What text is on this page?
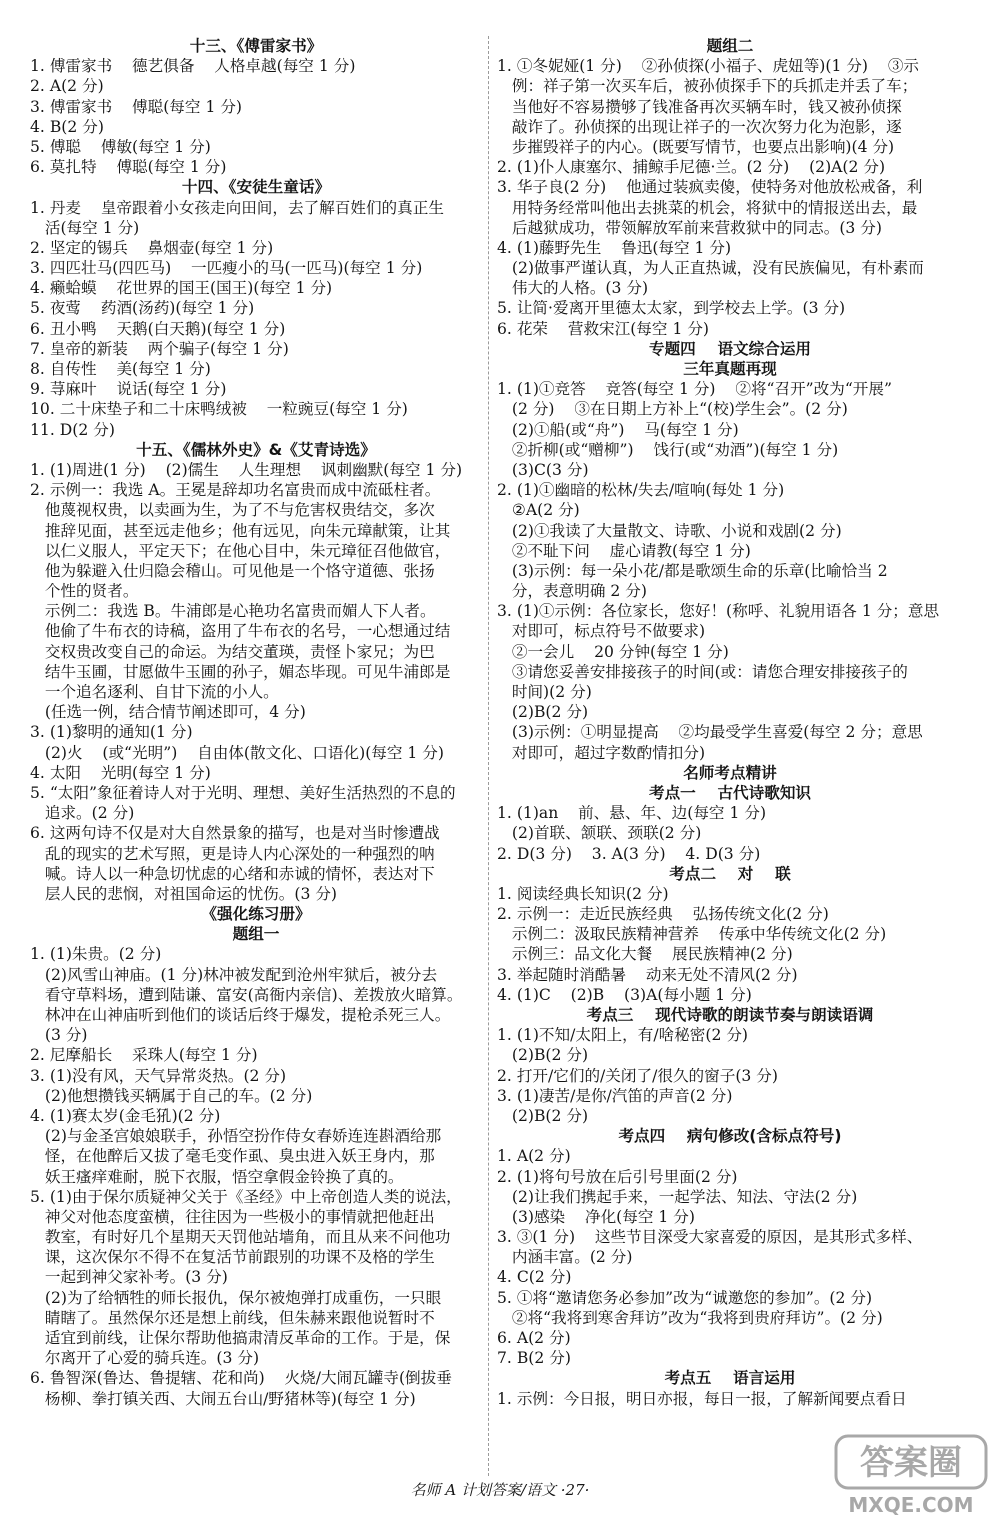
十三、《傅雷家书》
1. 傅雷家书    德艺俱备    人格卓越(每空 1 分)
2. A(2 分)
3. 傅雷家书    傅聪(每空 1 分)
4. B(2 分)
5. 傅聪    傅敏(每空 1 分)
6. 莫扎特    傅聪(每空 1 分)
十四、《安徒生童话》
1. 丹麦    皇帝跟着小女孩走向田间，去了解百姓们的真正生
活(每空 1 分)
2. 坚定的锡兵    鼻烟壶(每空 1 分)
3. 四匹壮马(四匹马)    一匹瘦小的马(一匹马)(每空 1 分)
4. 癞蛤蟆    花世界的国王(国王)(每空 1 分)
5. 夜莺    药酒(汤药)(每空 1 分)
6. 丑小鸭    天鹅(白天鹅)(每空 1 分)
7. 皇帝的新装    两个骗子(每空 1 分)
8. 自传性    美(每空 1 分)
9. 荨麻叶    说话(每空 1 分)
10. 二十床垫子和二十床鸭绒被    一粒豌豆(每空 1 分)
11. D(2 分)
十五、《儒林外史》&《艾青诗选》
1. (1)周进(1 分)    (2)儒生    人生理想    讽刺幽默(每空 1 分)
2. 示例一：我选 A。王冕是辞却功名富贵而成中流砥柱者。
他蔑视权贵，以卖画为生，为了不与危害权贵结交，多次
推辞见面，甚至远走他乡；他有远见，向朱元璋献策，让其
以仁义服人，平定天下；在他心目中，朱元璋征召他做官，
他为躲避入仕归隐会稽山。可见他是一个恪守道德、张扬
个性的贤者。
示例二：我选 B。牛浦郎是心艳功名富贵而媚人下人者。
他偷了牛布衣的诗稿，盗用了牛布衣的名号，一心想通过结
交权贵改变自己的命运。为结交董瑛，责怪卜家兄；为巴
结牛玉圃，甘愿做牛玉圃的孙子，媚态毕现。可见牛浦郎是
一个追名逐利、自甘下流的小人。
(任选一例，结合情节阐述即可，4 分)
3. (1)黎明的通知(1 分)
(2)火    (或“光明”)    自由体(散文化、口语化)(每空 1 分)
4. 太阳    光明(每空 1 分)
5. “太阳”象征着诗人对于光明、理想、美好生活热烈的不息的
追求。(2 分)
6. 这两句诗不仅是对大自然景象的描写，也是对当时惨遭战
乱的现实的艺术写照，更是诗人内心深处的一种强烈的呐
喊。诗人以一种急切忧虑的心绪和赤诚的情怀，表达对下
层人民的悲悯，对祖国命运的忧伤。(3 分)
《强化练习册》
题组一
1. (1)朱贵。(2 分)
(2)风雪山神庙。(1 分)林冲被发配到沧州牢狱后，被分去
看守草料场，遭到陆谦、富安(高衙内亲信)、差拨放火暗算。
林冲在山神庙听到他们的谈话后终于爆发，提枪杀死三人。
(3 分)
2. 尼摩船长    采珠人(每空 1 分)
3. (1)没有风，天气异常炎热。(2 分)
(2)他想攒钱买辆属于自己的车。(2 分)
4. (1)赛太岁(金毛犼)(2 分)
(2)与金圣宫娘娘联手，孙悟空扮作侍女春娇连连斟酒给那
怪，在他醉后又拔了毫毛变作虱、臭虫进入妖王身内，那
妖王瘙痒难耐，脱下衣服，悟空拿假金铃换了真的。
5. (1)由于保尔质疑神父关于《圣经》中上帝创造人类的说法，
神父对他态度蛮横，往往因为一些极小的事情就把他赶出
教室，有时好几个星期天天罚他站墙角，而且从来不问他功
课，这次保尔不得不在复活节前跟别的功课不及格的学生
一起到神父家补考。(3 分)
(2)为了给牺牲的师长报仇，保尔被炮弹打成重伤，一只眼
睛瞎了。虽然保尔还是想上前线，但朱赫来跟他说暂时不
适宜到前线，让保尔帮助他搞肃清反革命的工作。于是，保
尔离开了心爱的骑兵连。(3 分)
6. 鲁智深(鲁达、鲁提辖、花和尚)    火烧/大闹瓦罐寺(倒拔垂
杨柳、拳打镇关西、大闹五台山/野猪林等)(每空 1 分)
题组二
1. ①冬妮娅(1 分)    ②孙侦探(小福子、虎妞等)(1 分)    ③示
例：祥子第一次买车后，被孙侦探手下的兵抓走并丢了车；
当他好不容易攒够了钱准备再次买辆车时，钱又被孙侦探
敲诈了。孙侦探的出现让祥子的一次次努力化为泡影，逐
步摧毁祥子的内心。(既要写情节，也要点出影响)(4 分)
2. (1)仆人康塞尔、捕鲸手尼德·兰。(2 分)    (2)A(2 分)
3. 华子良(2 分)    他通过装疯卖傻，使特务对他放松戒备，利
用特务经常叫他出去挑菜的机会，将狱中的情报送出去，最
后越狱成功，带领解放军前来营救狱中的同志。(3 分)
4. (1)藤野先生    鲁迅(每空 1 分)
(2)做事严谨认真，为人正直热诚，没有民族偏见，有朴素而
伟大的人格。(3 分)
5. 让简·爱离开里德太太家，到学校去上学。(3 分)
6. 花荣    营救宋江(每空 1 分)
专题四    语文综合运用
三年真题再现
1. (1)①竞答    竞答(每空 1 分)    ②将“召开”改为“开展”
(2 分)    ③在日期上方补上“(校)学生会”。(2 分)
(2)①船(或“舟”)    马(每空 1 分)
②折柳(或“赠柳”)    饯行(或“劝酒”)(每空 1 分)
(3)C(3 分)
2. (1)①幽暗的松林/失去/喧响(每处 1 分)
②A(2 分)
(2)①我读了大量散文、诗歌、小说和戏剧(2 分)
②不耻下问    虚心请教(每空 1 分)
(3)示例：每一朵小花/都是歌颂生命的乐章(比喻恰当 2
分，表意明确 2 分)
3. (1)①示例：各位家长，您好！(称呼、礼貌用语各 1 分；意思
对即可，标点符号不做要求)
②一会儿    20 分钟(每空 1 分)
③请您妥善安排接孩子的时间(或：请您合理安排接孩子的
时间)(2 分)
(2)B(2 分)
(3)示例：①明显提高    ②均最受学生喜爱(每空 2 分；意思
对即可，超过字数酌情扣分)
名师考点精讲
考点一    古代诗歌知识
1. (1)an    前、悬、年、边(每空 1 分)
(2)首联、颔联、颈联(2 分)
2. D(3 分)    3. A(3 分)    4. D(3 分)
考点二    对    联
1. 阅读经典长知识(2 分)
2. 示例一：走近民族经典    弘扬传统文化(2 分)
示例二：汲取民族精神营养    传承中华传统文化(2 分)
示例三：品文化大餐    展民族精神(2 分)
3. 举起随时消酷暑    动来无处不清风(2 分)
4. (1)C    (2)B    (3)A(每小题 1 分)
考点三    现代诗歌的朗读节奏与朗读语调
1. (1)不知/太阳上，有/啥秘密(2 分)
(2)B(2 分)
2. 打开/它们的/关闭了/很久的窗子(3 分)
3. (1)凄苦/是你/汽笛的声音(2 分)
(2)B(2 分)
考点四    病句修改(含标点符号)
1. A(2 分)
2. (1)将句号放在后引号里面(2 分)
(2)让我们携起手来，一起学法、知法、守法(2 分)
(3)感染    净化(每空 1 分)
3. ③(1 分)    这些节目深受大家喜爱的原因，是其形式多样、
内涵丰富。(2 分)
4. C(2 分)
5. ①将“邀请您务必参加”改为“诚邀您的参加”。(2 分)
②将“我将到寒舍拜访”改为“我将到贵府拜访”。(2 分)
6. A(2 分)
7. B(2 分)
考点五    语言运用
1. 示例：今日报，明日亦报，每日一报，了解新闻要点看日
名师 A 计划答案/语文 ·27·
答案圈
MXQE.COM
